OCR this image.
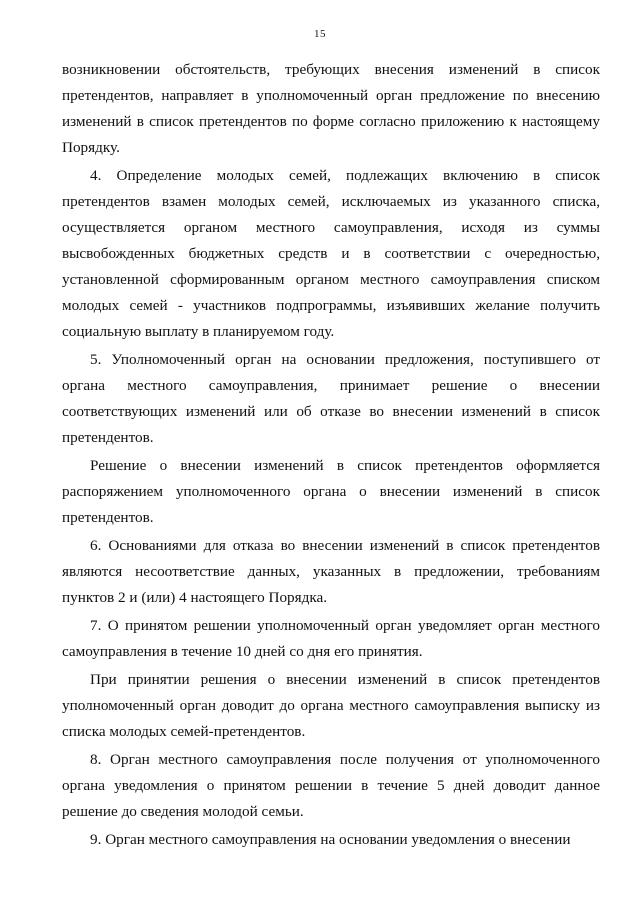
15

возникновении обстоятельств, требующих внесения изменений в список претендентов, направляет в уполномоченный орган предложение по внесению изменений в список претендентов по форме согласно приложению к настоящему Порядку.

4. Определение молодых семей, подлежащих включению в список претендентов взамен молодых семей, исключаемых из указанного списка, осуществляется органом местного самоуправления, исходя из суммы высвобожденных бюджетных средств и в соответствии с очередностью, установленной сформированным органом местного самоуправления списком молодых семей - участников подпрограммы, изъявивших желание получить социальную выплату в планируемом году.

5. Уполномоченный орган на основании предложения, поступившего от органа местного самоуправления, принимает решение о внесении соответствующих изменений или об отказе во внесении изменений в список претендентов.

Решение о внесении изменений в список претендентов оформляется распоряжением уполномоченного органа о внесении изменений в список претендентов.

6. Основаниями для отказа во внесении изменений в список претендентов являются несоответствие данных, указанных в предложении, требованиям пунктов 2 и (или) 4 настоящего Порядка.

7. О принятом решении уполномоченный орган уведомляет орган местного самоуправления в течение 10 дней со дня его принятия.

При принятии решения о внесении изменений в список претендентов уполномоченный орган доводит до органа местного самоуправления выписку из списка молодых семей-претендентов.

8. Орган местного самоуправления после получения от уполномоченного органа уведомления о принятом решении в течение 5 дней доводит данное решение до сведения молодой семьи.

9. Орган местного самоуправления на основании уведомления о внесении
